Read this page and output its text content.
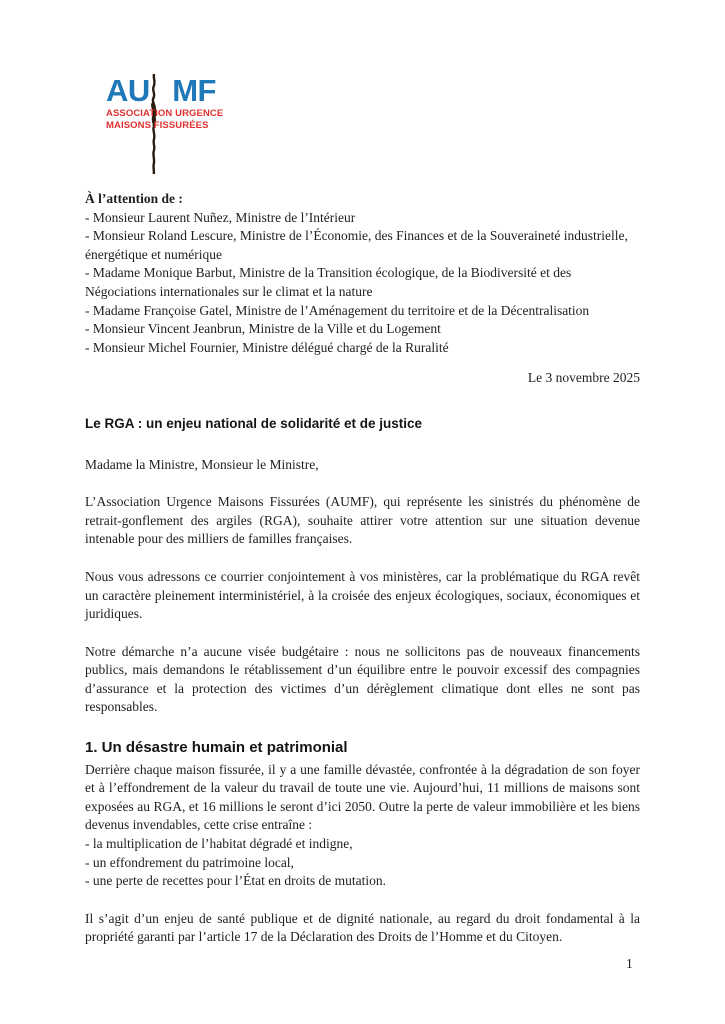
AU MF
ASSOCIATION URGENCE
MAISONS FISSURÉES
À l’attention de :
- Monsieur Laurent Nuñez, Ministre de l’Intérieur
- Monsieur Roland Lescure, Ministre de l’Économie, des Finances et de la Souveraineté industrielle, énergétique et numérique
- Madame Monique Barbut, Ministre de la Transition écologique, de la Biodiversité et des Négociations internationales sur le climat et la nature
- Madame Françoise Gatel, Ministre de l’Aménagement du territoire et de la Décentralisation
- Monsieur Vincent Jeanbrun, Ministre de la Ville et du Logement
- Monsieur Michel Fournier, Ministre délégué chargé de la Ruralité
Le 3 novembre 2025
Le RGA : un enjeu national de solidarité et de justice
Madame la Ministre, Monsieur le Ministre,
L’Association Urgence Maisons Fissurées (AUMF), qui représente les sinistrés du phénomène de retrait-gonflement des argiles (RGA), souhaite attirer votre attention sur une situation devenue intenable pour des milliers de familles françaises.
Nous vous adressons ce courrier conjointement à vos ministères, car la problématique du RGA revêt un caractère pleinement interministériel, à la croisée des enjeux écologiques, sociaux, économiques et juridiques.
Notre démarche n’a aucune visée budgétaire : nous ne sollicitons pas de nouveaux financements publics, mais demandons le rétablissement d’un équilibre entre le pouvoir excessif des compagnies d’assurance et la protection des victimes d’un dérèglement climatique dont elles ne sont pas responsables.
1. Un désastre humain et patrimonial
Derrière chaque maison fissurée, il y a une famille dévastée, confrontée à la dégradation de son foyer et à l’effondrement de la valeur du travail de toute une vie. Aujourd’hui, 11 millions de maisons sont exposées au RGA, et 16 millions le seront d’ici 2050. Outre la perte de valeur immobilière et les biens devenus invendables, cette crise entraîne :
- la multiplication de l’habitat dégradé et indigne,
- un effondrement du patrimoine local,
- une perte de recettes pour l’État en droits de mutation.
Il s’agit d’un enjeu de santé publique et de dignité nationale, au regard du droit fondamental à la propriété garanti par l’article 17 de la Déclaration des Droits de l’Homme et du Citoyen.
1
